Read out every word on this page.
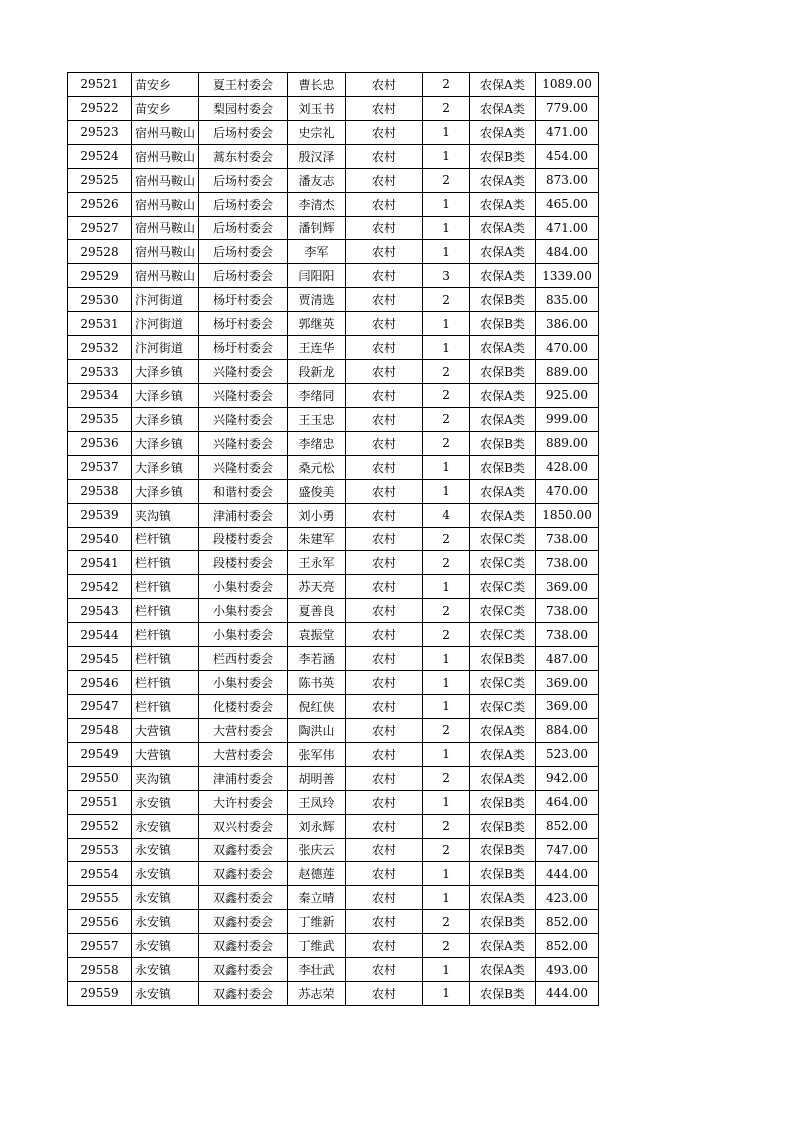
29521	苗安乡	夏王村委会	曹长忠	农村	2	农保A类	1089.00
29522	苗安乡	梨园村委会	刘玉书	农村	2	农保A类	779.00
29523	宿州马鞍山	后场村委会	史宗礼	农村	1	农保A类	471.00
29524	宿州马鞍山	蒿东村委会	殷汉泽	农村	1	农保B类	454.00
29525	宿州马鞍山	后场村委会	潘友志	农村	2	农保A类	873.00
29526	宿州马鞍山	后场村委会	李清杰	农村	1	农保A类	465.00
29527	宿州马鞍山	后场村委会	潘钊辉	农村	1	农保A类	471.00
29528	宿州马鞍山	后场村委会	李军	农村	1	农保A类	484.00
29529	宿州马鞍山	后场村委会	闫阳阳	农村	3	农保A类	1339.00
29530	汴河街道	杨圩村委会	贾清选	农村	2	农保B类	835.00
29531	汴河街道	杨圩村委会	郭继英	农村	1	农保B类	386.00
29532	汴河街道	杨圩村委会	王连华	农村	1	农保A类	470.00
29533	大泽乡镇	兴隆村委会	段新龙	农村	2	农保B类	889.00
29534	大泽乡镇	兴隆村委会	李绪同	农村	2	农保A类	925.00
29535	大泽乡镇	兴隆村委会	王玉忠	农村	2	农保A类	999.00
29536	大泽乡镇	兴隆村委会	李绪忠	农村	2	农保B类	889.00
29537	大泽乡镇	兴隆村委会	桑元松	农村	1	农保B类	428.00
29538	大泽乡镇	和谐村委会	盛俊美	农村	1	农保A类	470.00
29539	夹沟镇	津浦村委会	刘小勇	农村	4	农保A类	1850.00
29540	栏杆镇	段楼村委会	朱建军	农村	2	农保C类	738.00
29541	栏杆镇	段楼村委会	王永军	农村	2	农保C类	738.00
29542	栏杆镇	小集村委会	苏天亮	农村	1	农保C类	369.00
29543	栏杆镇	小集村委会	夏善良	农村	2	农保C类	738.00
29544	栏杆镇	小集村委会	袁振堂	农村	2	农保C类	738.00
29545	栏杆镇	栏西村委会	李若涵	农村	1	农保B类	487.00
29546	栏杆镇	小集村委会	陈书英	农村	1	农保C类	369.00
29547	栏杆镇	化楼村委会	倪红侠	农村	1	农保C类	369.00
29548	大营镇	大营村委会	陶洪山	农村	2	农保A类	884.00
29549	大营镇	大营村委会	张军伟	农村	1	农保A类	523.00
29550	夹沟镇	津浦村委会	胡明善	农村	2	农保A类	942.00
29551	永安镇	大许村委会	王凤玲	农村	1	农保B类	464.00
29552	永安镇	双兴村委会	刘永辉	农村	2	农保B类	852.00
29553	永安镇	双鑫村委会	张庆云	农村	2	农保B类	747.00
29554	永安镇	双鑫村委会	赵德莲	农村	1	农保B类	444.00
29555	永安镇	双鑫村委会	秦立晴	农村	1	农保A类	423.00
29556	永安镇	双鑫村委会	丁维新	农村	2	农保B类	852.00
29557	永安镇	双鑫村委会	丁维武	农村	2	农保A类	852.00
29558	永安镇	双鑫村委会	李壮武	农村	1	农保A类	493.00
29559	永安镇	双鑫村委会	苏志荣	农村	1	农保B类	444.00
